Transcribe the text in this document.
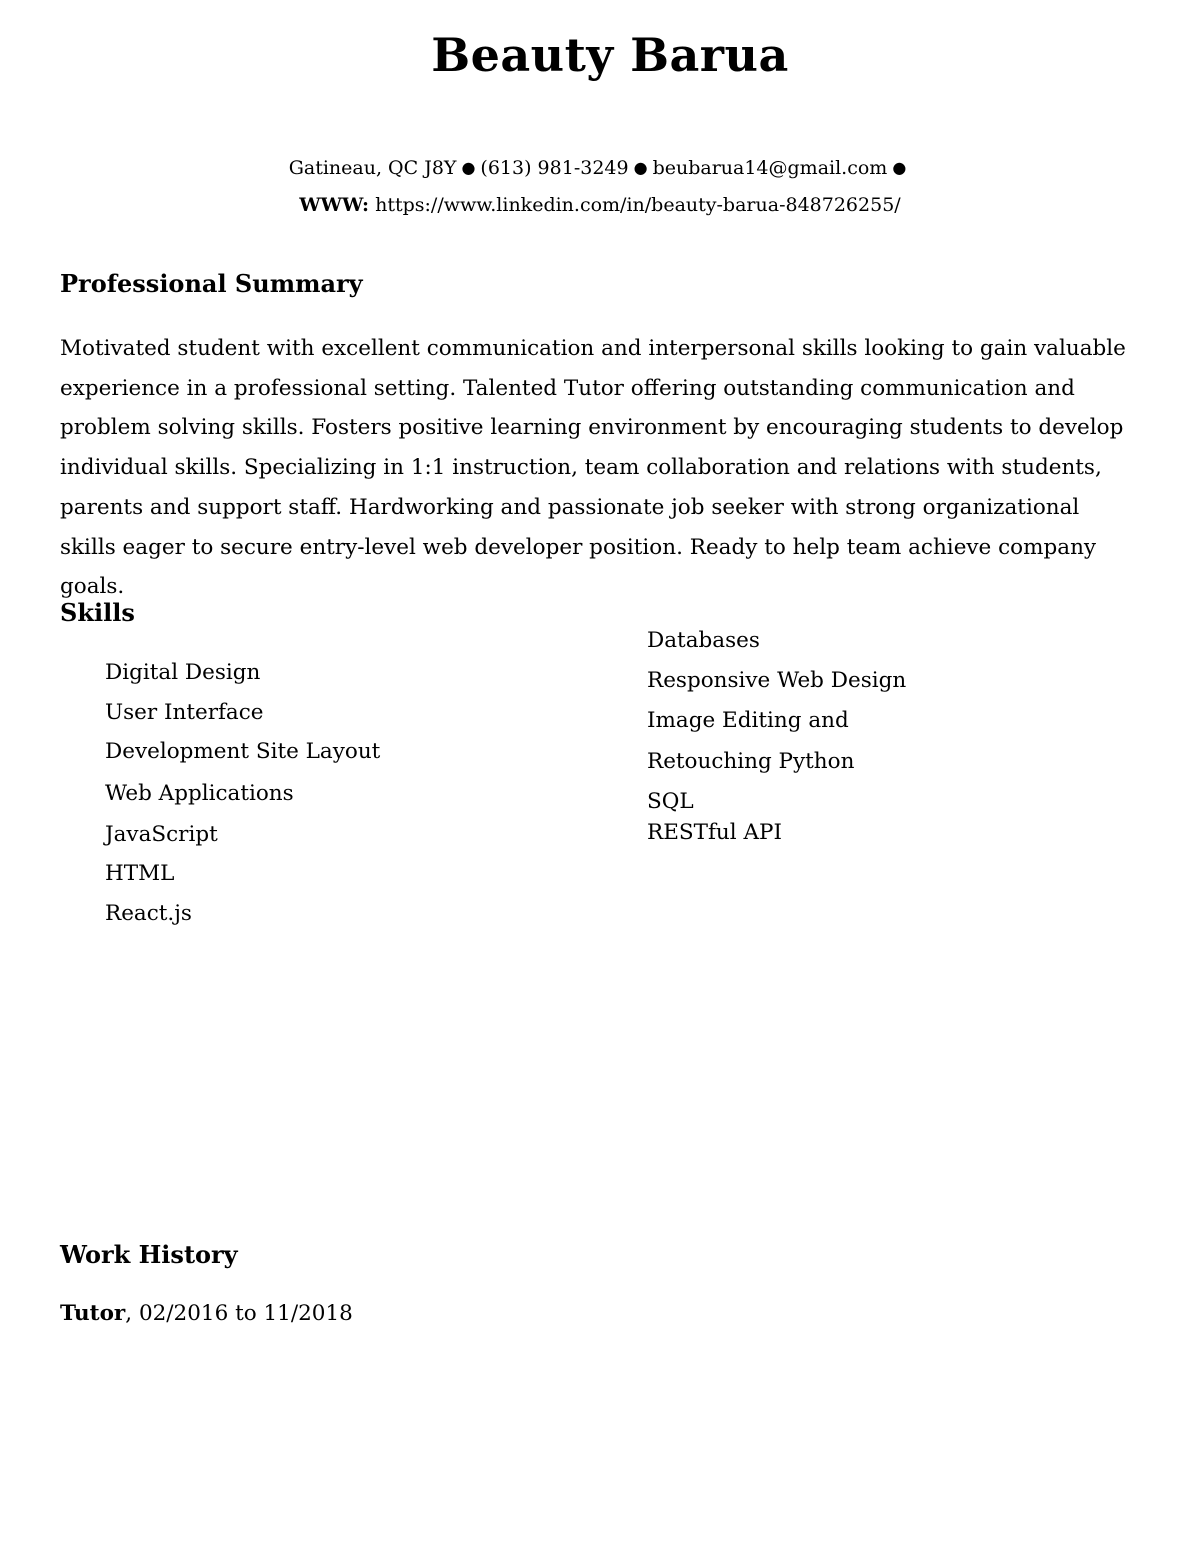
Beauty Barua
Gatineau, QC J8Y ● (613) 981-3249 ● beubarua14@gmail.com ●
WWW: https://www.linkedin.com/in/beauty-barua-848726255/
Professional Summary

Motivated student with excellent communication and interpersonal skills looking to gain valuable experience in a professional setting. Talented Tutor offering outstanding communication and problem solving skills. Fosters positive learning environment by encouraging students to develop individual skills. Specializing in 1:1 instruction, team collaboration and relations with students, parents and support staff. Hardworking and passionate job seeker with strong organizational skills eager to secure entry-level web developer position. Ready to help team achieve company goals.

Skills
Digital Design
User Interface
Development Site Layout
Web Applications
JavaScript
HTML
React.js
Databases
Responsive Web Design
Image Editing and
Retouching Python
SQL
RESTful API
Work History
Tutor, 02/2016 to 11/2018
